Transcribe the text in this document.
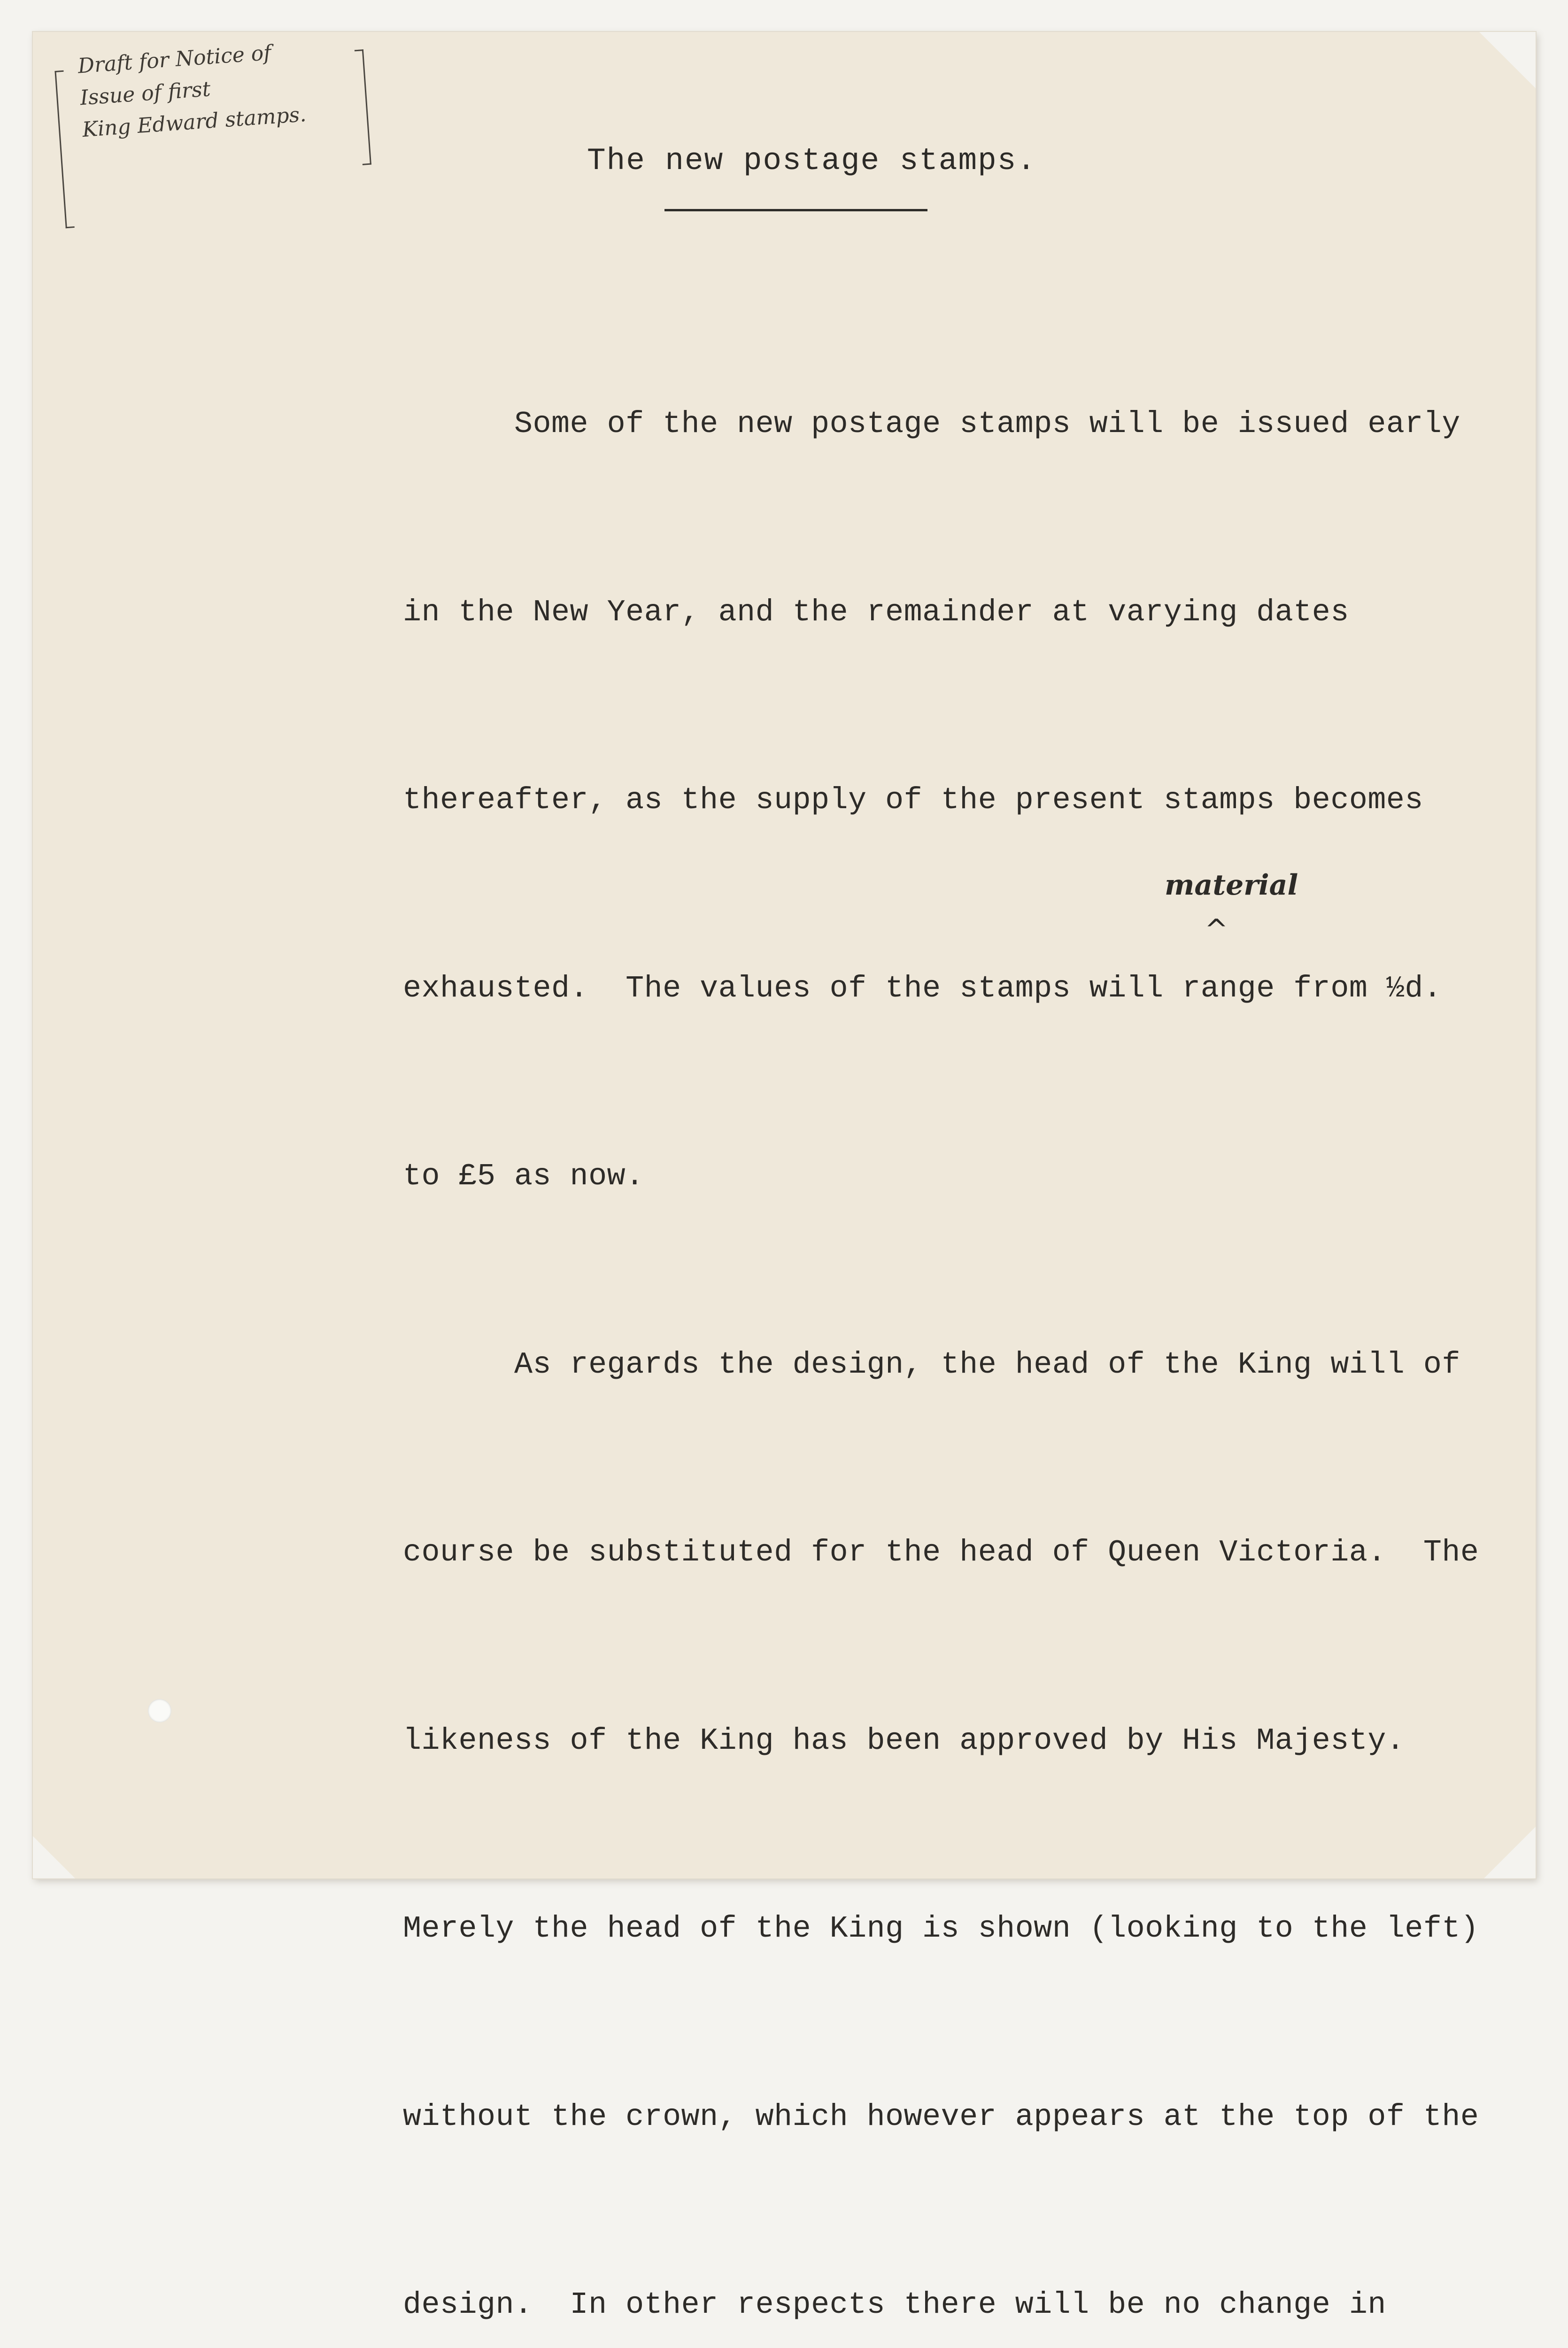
Draft for Notice of
Issue of first
King Edward stamps.
The new postage stamps.

Some of the new postage stamps will be issued early

in the New Year, and the remainder at varying dates

thereafter, as the supply of the present stamps becomes

exhausted.  The values of the stamps will range from ½d.

to £5 as now.

As regards the design, the head of the King will of

course be substituted for the head of Queen Victoria.  The

likeness of the King has been approved by His Majesty.

Merely the head of the King is shown (looking to the left)

without the crown, which however appears at the top of the

design.  In other respects there will be no change in

material
^
